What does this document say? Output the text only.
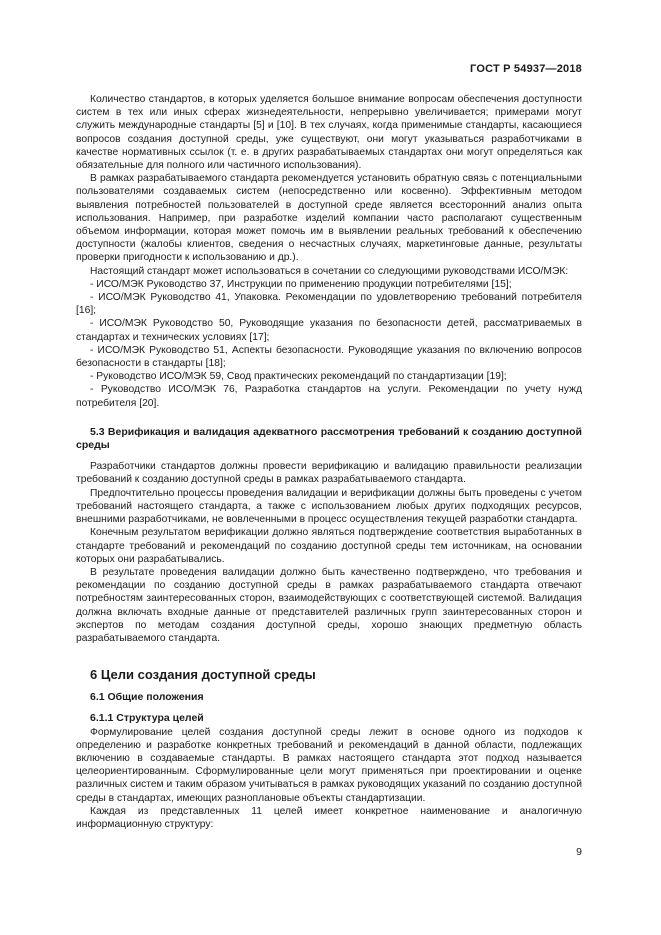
ГОСТ Р 54937—2018

Количество стандартов, в которых уделяется большое внимание вопросам обеспечения доступности систем в тех или иных сферах жизнедеятельности, непрерывно увеличивается; примерами могут служить международные стандарты [5] и [10]. В тех случаях, когда применимые стандарты, касающиеся вопросов создания доступной среды, уже существуют, они могут указываться разработчиками в качестве нормативных ссылок (т. е. в других разрабатываемых стандартах они могут определяться как обязательные для полного или частичного использования).

В рамках разрабатываемого стандарта рекомендуется установить обратную связь с потенциальными пользователями создаваемых систем (непосредственно или косвенно). Эффективным методом выявления потребностей пользователей в доступной среде является всесторонний анализ опыта использования. Например, при разработке изделий компании часто располагают существенным объемом информации, которая может помочь им в выявлении реальных требований к обеспечению доступности (жалобы клиентов, сведения о несчастных случаях, маркетинговые данные, результаты проверки пригодности к использованию и др.).

Настоящий стандарт может использоваться в сочетании со следующими руководствами ИСО/МЭК:

- ИСО/МЭК Руководство 37, Инструкции по применению продукции потребителями [15];

- ИСО/МЭК Руководство 41, Упаковка. Рекомендации по удовлетворению требований потребителя [16];

- ИСО/МЭК Руководство 50, Руководящие указания по безопасности детей, рассматриваемых в стандартах и технических условиях [17];

- ИСО/МЭК Руководство 51, Аспекты безопасности. Руководящие указания по включению вопросов безопасности в стандарты [18];

- Руководство ИСО/МЭК 59, Свод практических рекомендаций по стандартизации [19];

- Руководство ИСО/МЭК 76, Разработка стандартов на услуги. Рекомендации по учету нужд потребителя [20].

5.3 Верификация и валидация адекватного рассмотрения требований к созданию доступной среды

Разработчики стандартов должны провести верификацию и валидацию правильности реализации требований к созданию доступной среды в рамках разрабатываемого стандарта.

Предпочтительно процессы проведения валидации и верификации должны быть проведены с учетом требований настоящего стандарта, а также с использованием любых других подходящих ресурсов, внешними разработчиками, не вовлеченными в процесс осуществления текущей разработки стандарта.

Конечным результатом верификации должно являться подтверждение соответствия выработанных в стандарте требований и рекомендаций по созданию доступной среды тем источникам, на основании которых они разрабатывались.

В результате проведения валидации должно быть качественно подтверждено, что требования и рекомендации по созданию доступной среды в рамках разрабатываемого стандарта отвечают потребностям заинтересованных сторон, взаимодействующих с соответствующей системой. Валидация должна включать входные данные от представителей различных групп заинтересованных сторон и экспертов по методам создания доступной среды, хорошо знающих предметную область разрабатываемого стандарта.

6 Цели создания доступной среды

6.1 Общие положения

6.1.1 Структура целей

Формулирование целей создания доступной среды лежит в основе одного из подходов к определению и разработке конкретных требований и рекомендаций в данной области, подлежащих включению в создаваемые стандарты. В рамках настоящего стандарта этот подход называется целеориентированным. Сформулированные цели могут применяться при проектировании и оценке различных систем и таким образом учитываться в рамках руководящих указаний по созданию доступной среды в стандартах, имеющих разноплановые объекты стандартизации.

Каждая из представленных 11 целей имеет конкретное наименование и аналогичную информационную структуру:

9
